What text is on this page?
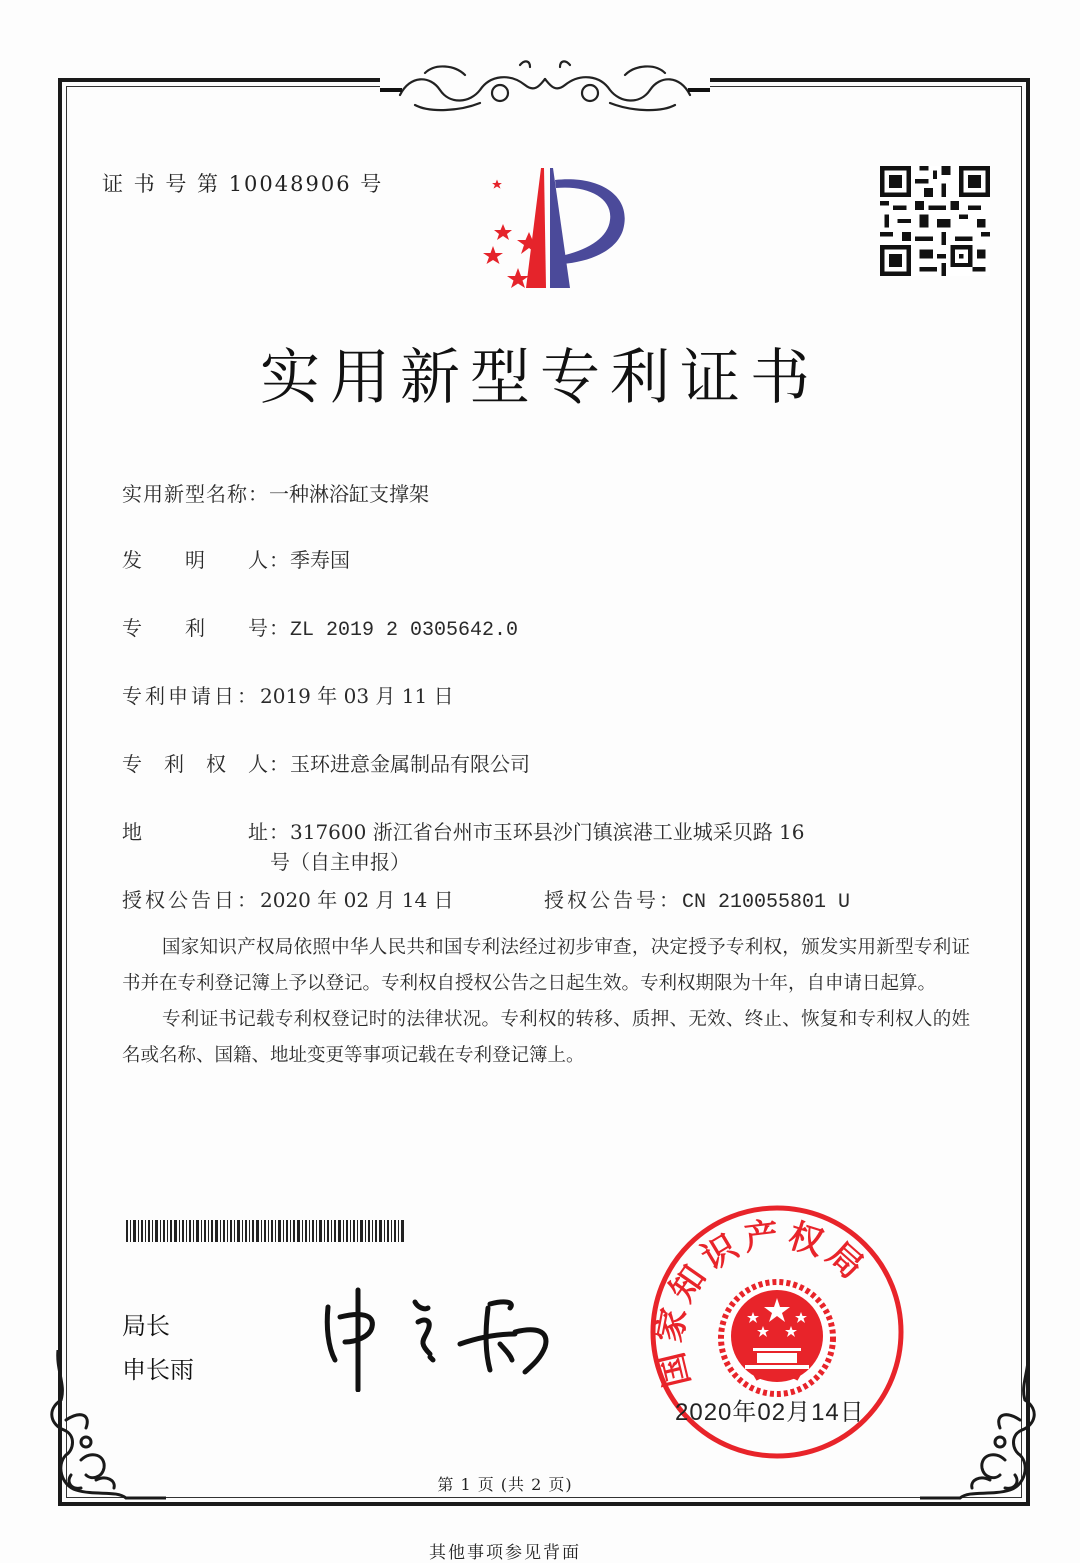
证 书 号 第 10048906 号
实用新型专利证书
实用新型名称：一种淋浴缸支撑架
发　　明　　人：季寿国
专　　利　　号：ZL 2019 2 0305642.0
专利申请日：2019 年 03 月 11 日
专　利　权　人：玉环进意金属制品有限公司
地　　　　　址：317600 浙江省台州市玉环县沙门镇滨港工业城采贝路 16
号（自主申报）
授权公告日：2020 年 02 月 14 日	授权公告号：CN 210055801 U

国家知识产权局依照中华人民共和国专利法经过初步审查，决定授予专利权，颁发实用新型专利证书并在专利登记簿上予以登记。专利权自授权公告之日起生效。专利权期限为十年，自申请日起算。

专利证书记载专利权登记时的法律状况。专利权的转移、质押、无效、终止、恢复和专利权人的姓名或名称、国籍、地址变更等事项记载在专利登记簿上。

局长
申长雨	国家知识产权局
2020年02月14日
第 1 页 (共 2 页)
其他事项参见背面
